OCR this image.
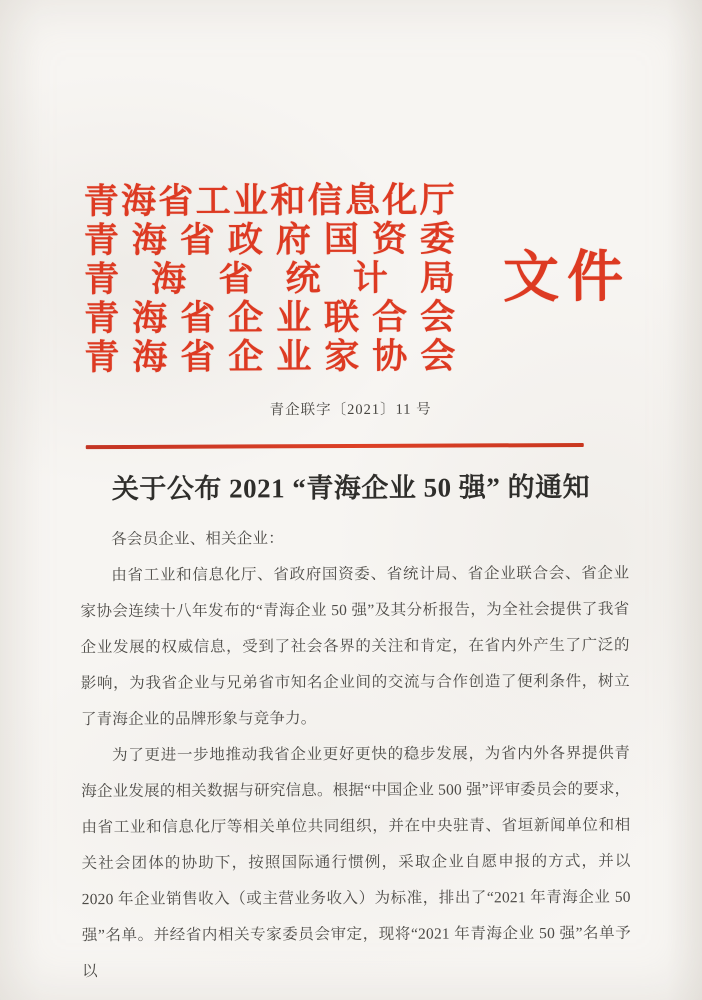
青 海 省 工 业 和 信 息 化 厅
青 海 省 政 府 国 资 委
青 海 省 统 计 局
青 海 省 企 业 联 合 会
青 海 省 企 业 家 协 会
文 件
青企联字〔2021〕11 号
关于公布 2021 “青海企业 50 强” 的通知

各会员企业、相关企业：

由省工业和信息化厅、省政府国资委、省统计局、省企业联合会、省企业家协会连续十八年发布的“青海企业 50 强”及其分析报告，为全社会提供了我省企业发展的权威信息，受到了社会各界的关注和肯定，在省内外产生了广泛的影响，为我省企业与兄弟省市知名企业间的交流与合作创造了便利条件，树立了青海企业的品牌形象与竞争力。

为了更进一步地推动我省企业更好更快的稳步发展，为省内外各界提供青海企业发展的相关数据与研究信息。根据“中国企业 500 强”评审委员会的要求，由省工业和信息化厅等相关单位共同组织，并在中央驻青、省垣新闻单位和相关社会团体的协助下，按照国际通行惯例，采取企业自愿申报的方式，并以 2020 年企业销售收入（或主营业务收入）为标准，排出了“2021 年青海企业 50 强”名单。并经省内相关专家委员会审定，现将“2021 年青海企业 50 强”名单予以
